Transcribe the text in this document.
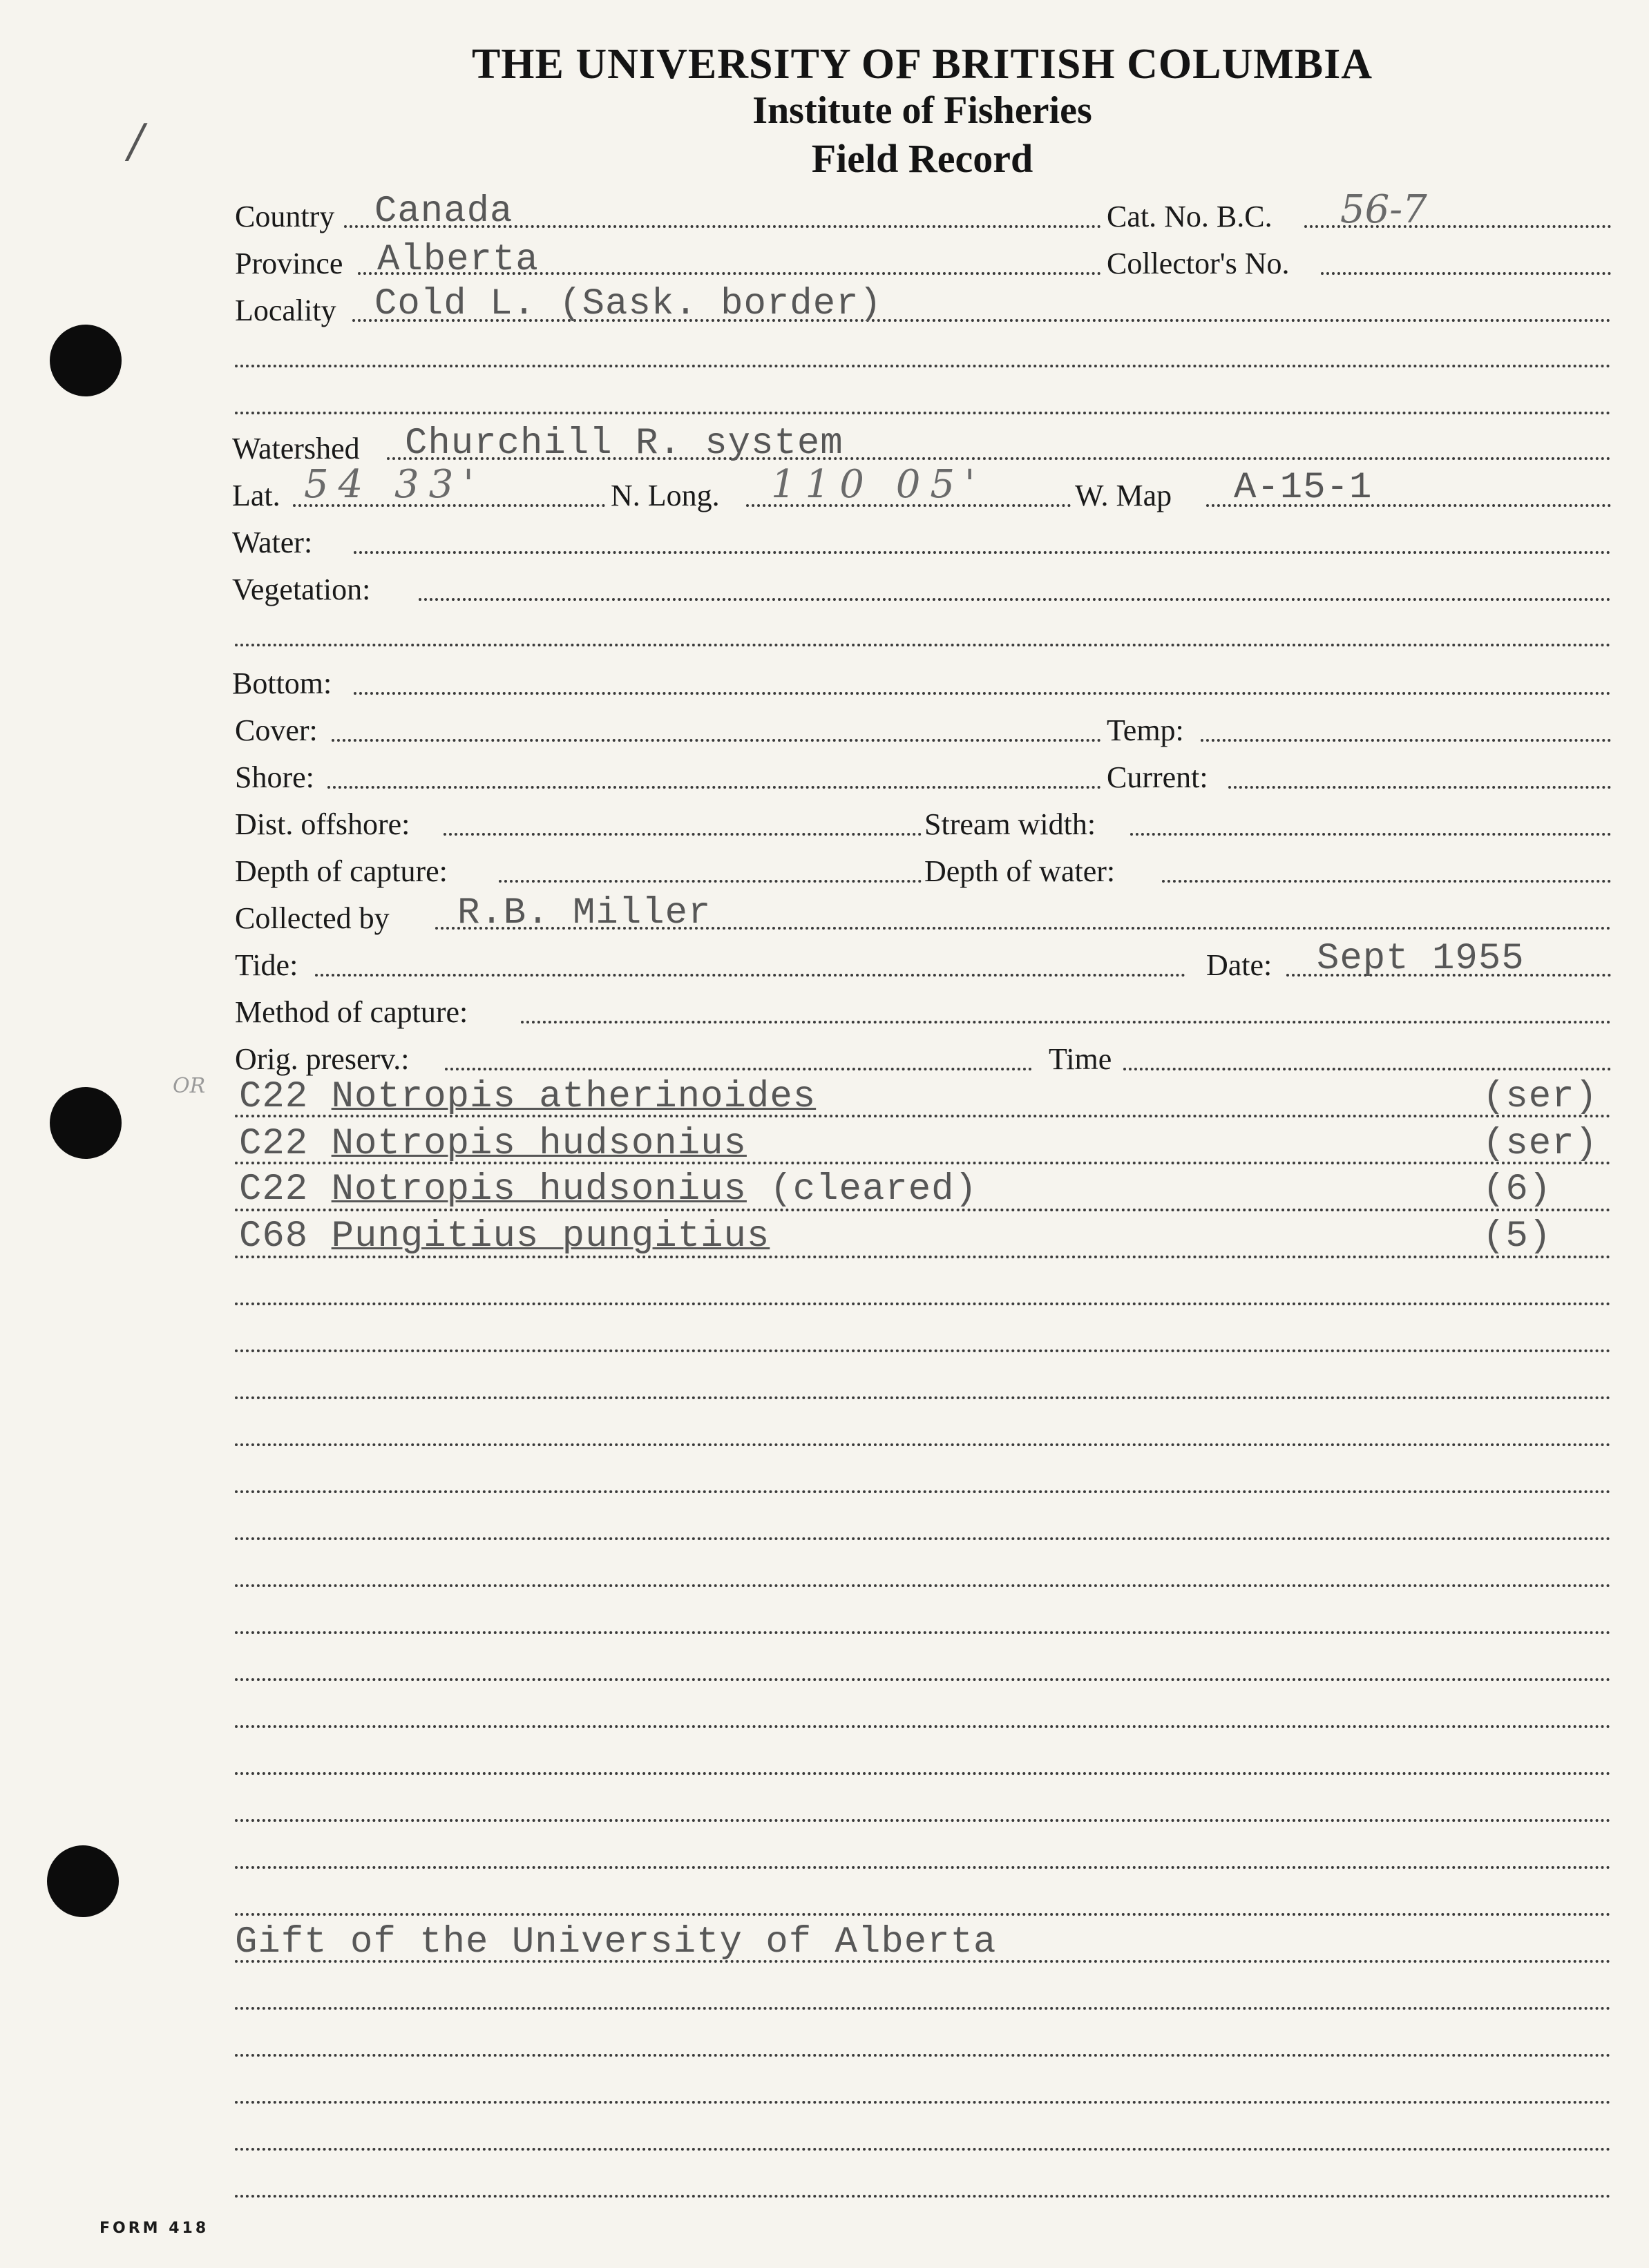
/
OR
THE UNIVERSITY OF BRITISH COLUMBIA
Institute of Fisheries
Field Record
Country Canada	Cat. No. B.C. 56-7
Province Alberta	Collector's No.
Locality Cold L. (Sask. border)
Watershed Churchill R. system
Lat. 54 33'	N. Long. 110 05'	W. Map A-15-1
Water:
Vegetation:
Bottom:
Cover:	Temp:
Shore:	Current:
Dist. offshore:	Stream width:
Depth of capture:	Depth of water:
Collected by R.B. Miller
Tide:	Date: Sept 1955
Method of capture:
Orig. preserv.:	Time
C22 Notropis atherinoides	(ser)
C22 Notropis hudsonius	(ser)
C22 Notropis hudsonius (cleared)	(6)
C68 Pungitius pungitius	(5)
Gift of the University of Alberta
FORM 418
